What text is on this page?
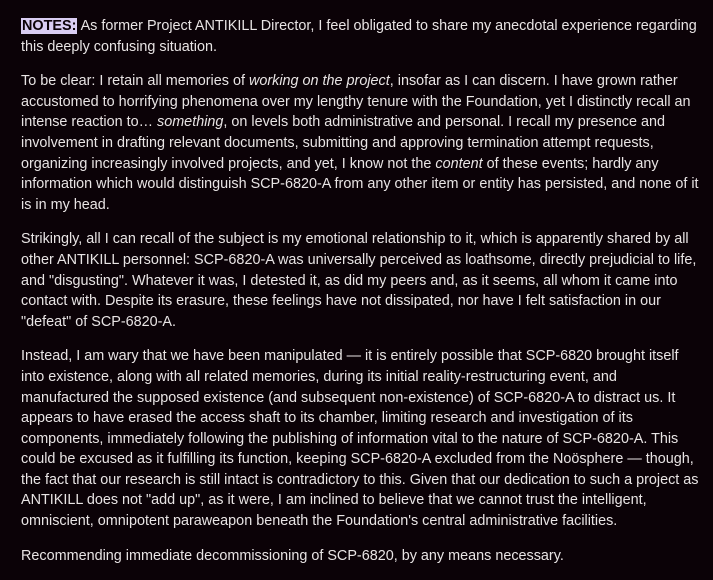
NOTES: As former Project ANTIKILL Director, I feel obligated to share my anecdotal experience regarding this deeply confusing situation.

To be clear: I retain all memories of working on the project, insofar as I can discern. I have grown rather accustomed to horrifying phenomena over my lengthy tenure with the Foundation, yet I distinctly recall an intense reaction to… something, on levels both administrative and personal. I recall my presence and involvement in drafting relevant documents, submitting and approving termination attempt requests, organizing increasingly involved projects, and yet, I know not the content of these events; hardly any information which would distinguish SCP-6820-A from any other item or entity has persisted, and none of it is in my head.

Strikingly, all I can recall of the subject is my emotional relationship to it, which is apparently shared by all other ANTIKILL personnel: SCP-6820-A was universally perceived as loathsome, directly prejudicial to life, and "disgusting". Whatever it was, I detested it, as did my peers and, as it seems, all whom it came into contact with. Despite its erasure, these feelings have not dissipated, nor have I felt satisfaction in our "defeat" of SCP-6820-A.

Instead, I am wary that we have been manipulated — it is entirely possible that SCP-6820 brought itself into existence, along with all related memories, during its initial reality-restructuring event, and manufactured the supposed existence (and subsequent non-existence) of SCP-6820-A to distract us. It appears to have erased the access shaft to its chamber, limiting research and investigation of its components, immediately following the publishing of information vital to the nature of SCP-6820-A. This could be excused as it fulfilling its function, keeping SCP-6820-A excluded from the Noösphere — though, the fact that our research is still intact is contradictory to this. Given that our dedication to such a project as ANTIKILL does not "add up", as it were, I am inclined to believe that we cannot trust the intelligent, omniscient, omnipotent paraweapon beneath the Foundation's central administrative facilities.

Recommending immediate decommissioning of SCP-6820, by any means necessary.
